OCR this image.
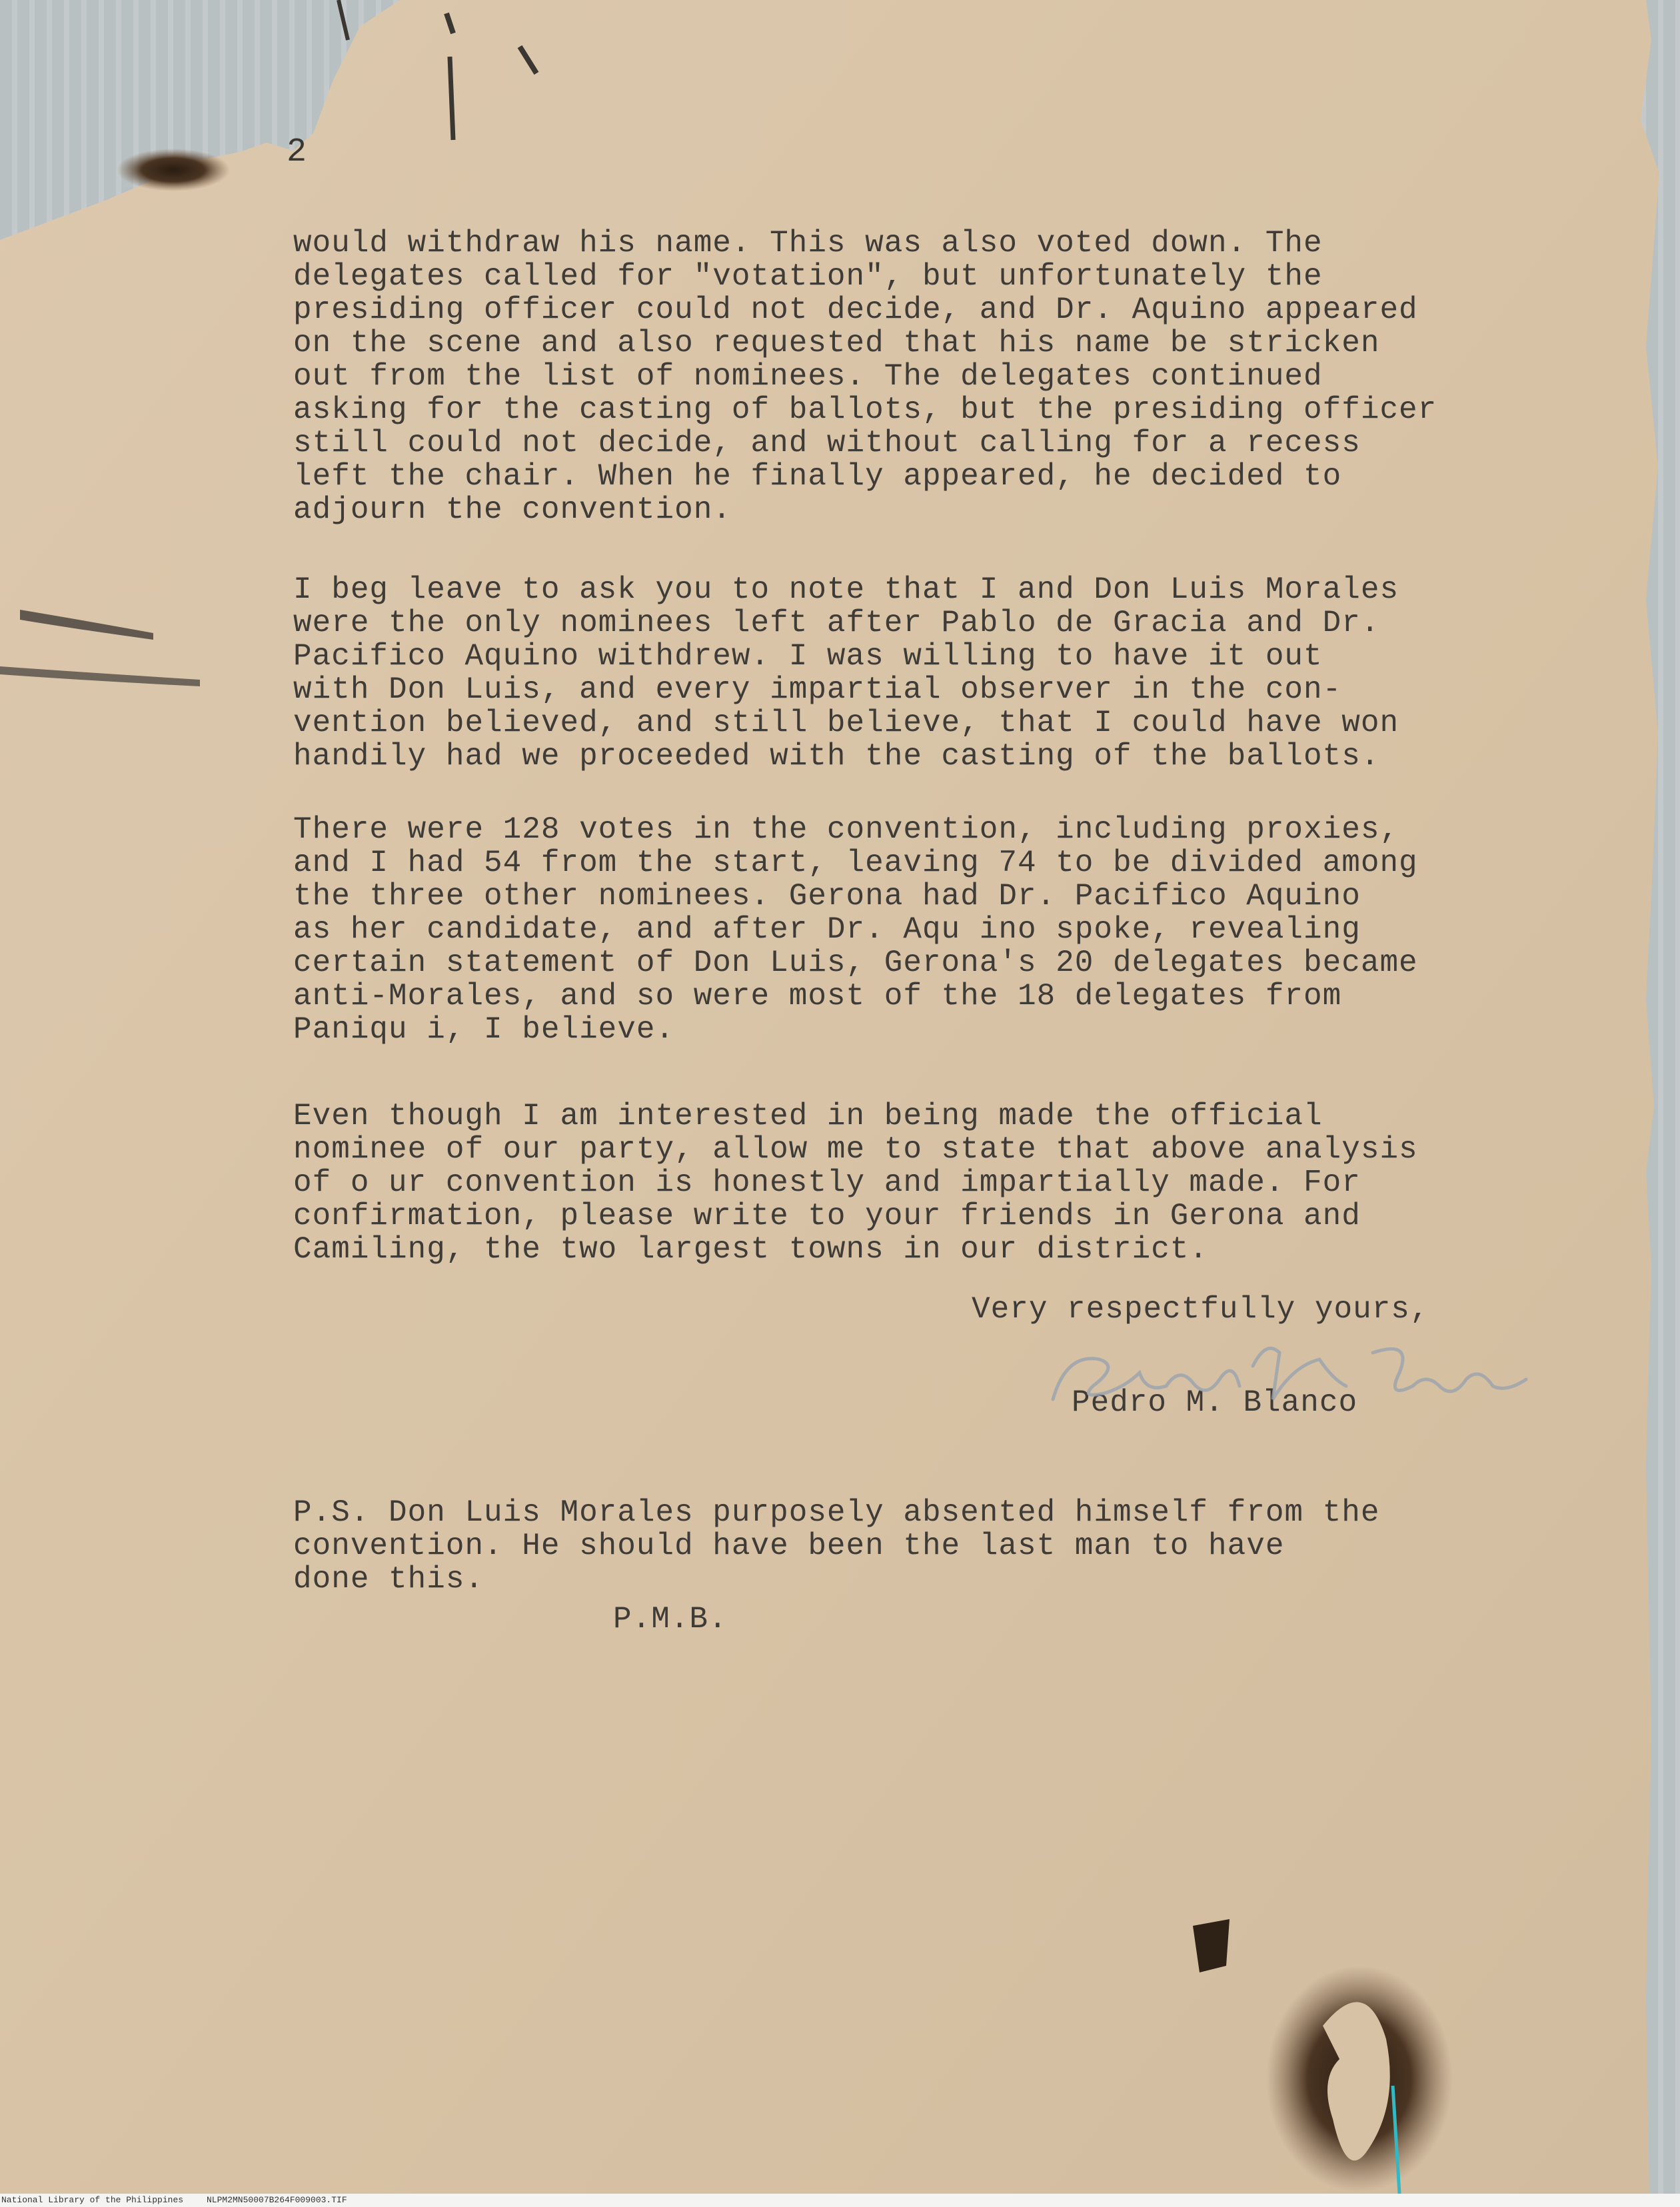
2

would withdraw his name. This was also voted down. The
delegates called for "votation", but unfortunately the
presiding officer could not decide, and Dr. Aquino appeared
on the scene and also requested that his name be stricken
out from the list of nominees. The delegates continued
asking for the casting of ballots, but the presiding officer
still could not decide, and without calling for a recess
left the chair. When he finally appeared, he decided to
adjourn the convention.

I beg leave to ask you to note that I and Don Luis Morales
were the only nominees left after Pablo de Gracia and Dr.
Pacifico Aquino withdrew. I was willing to have it out
with Don Luis, and every impartial observer in the con-
vention believed, and still believe, that I could have won
handily had we proceeded with the casting of the ballots.

There were 128 votes in the convention, including proxies,
and I had 54 from the start, leaving 74 to be divided among
the three other nominees. Gerona had Dr. Pacifico Aquino
as her candidate, and after Dr. Aqu ino spoke, revealing
certain statement of Don Luis, Gerona's 20 delegates became
anti-Morales, and so were most of the 18 delegates from
Paniqu i, I believe.

Even though I am interested in being made the official
nominee of our party, allow me to state that above analysis
of o ur convention is honestly and impartially made. For
confirmation, please write to your friends in Gerona and
Camiling, the two largest towns in our district.

Very respectfully yours,
Pedro M. Blanco
P.S. Don Luis Morales purposely absented himself from the
convention. He should have been the last man to have
done this.
P.M.B.
National Library of the Philippines	NLPM2MN50007B264F009003.TIF
